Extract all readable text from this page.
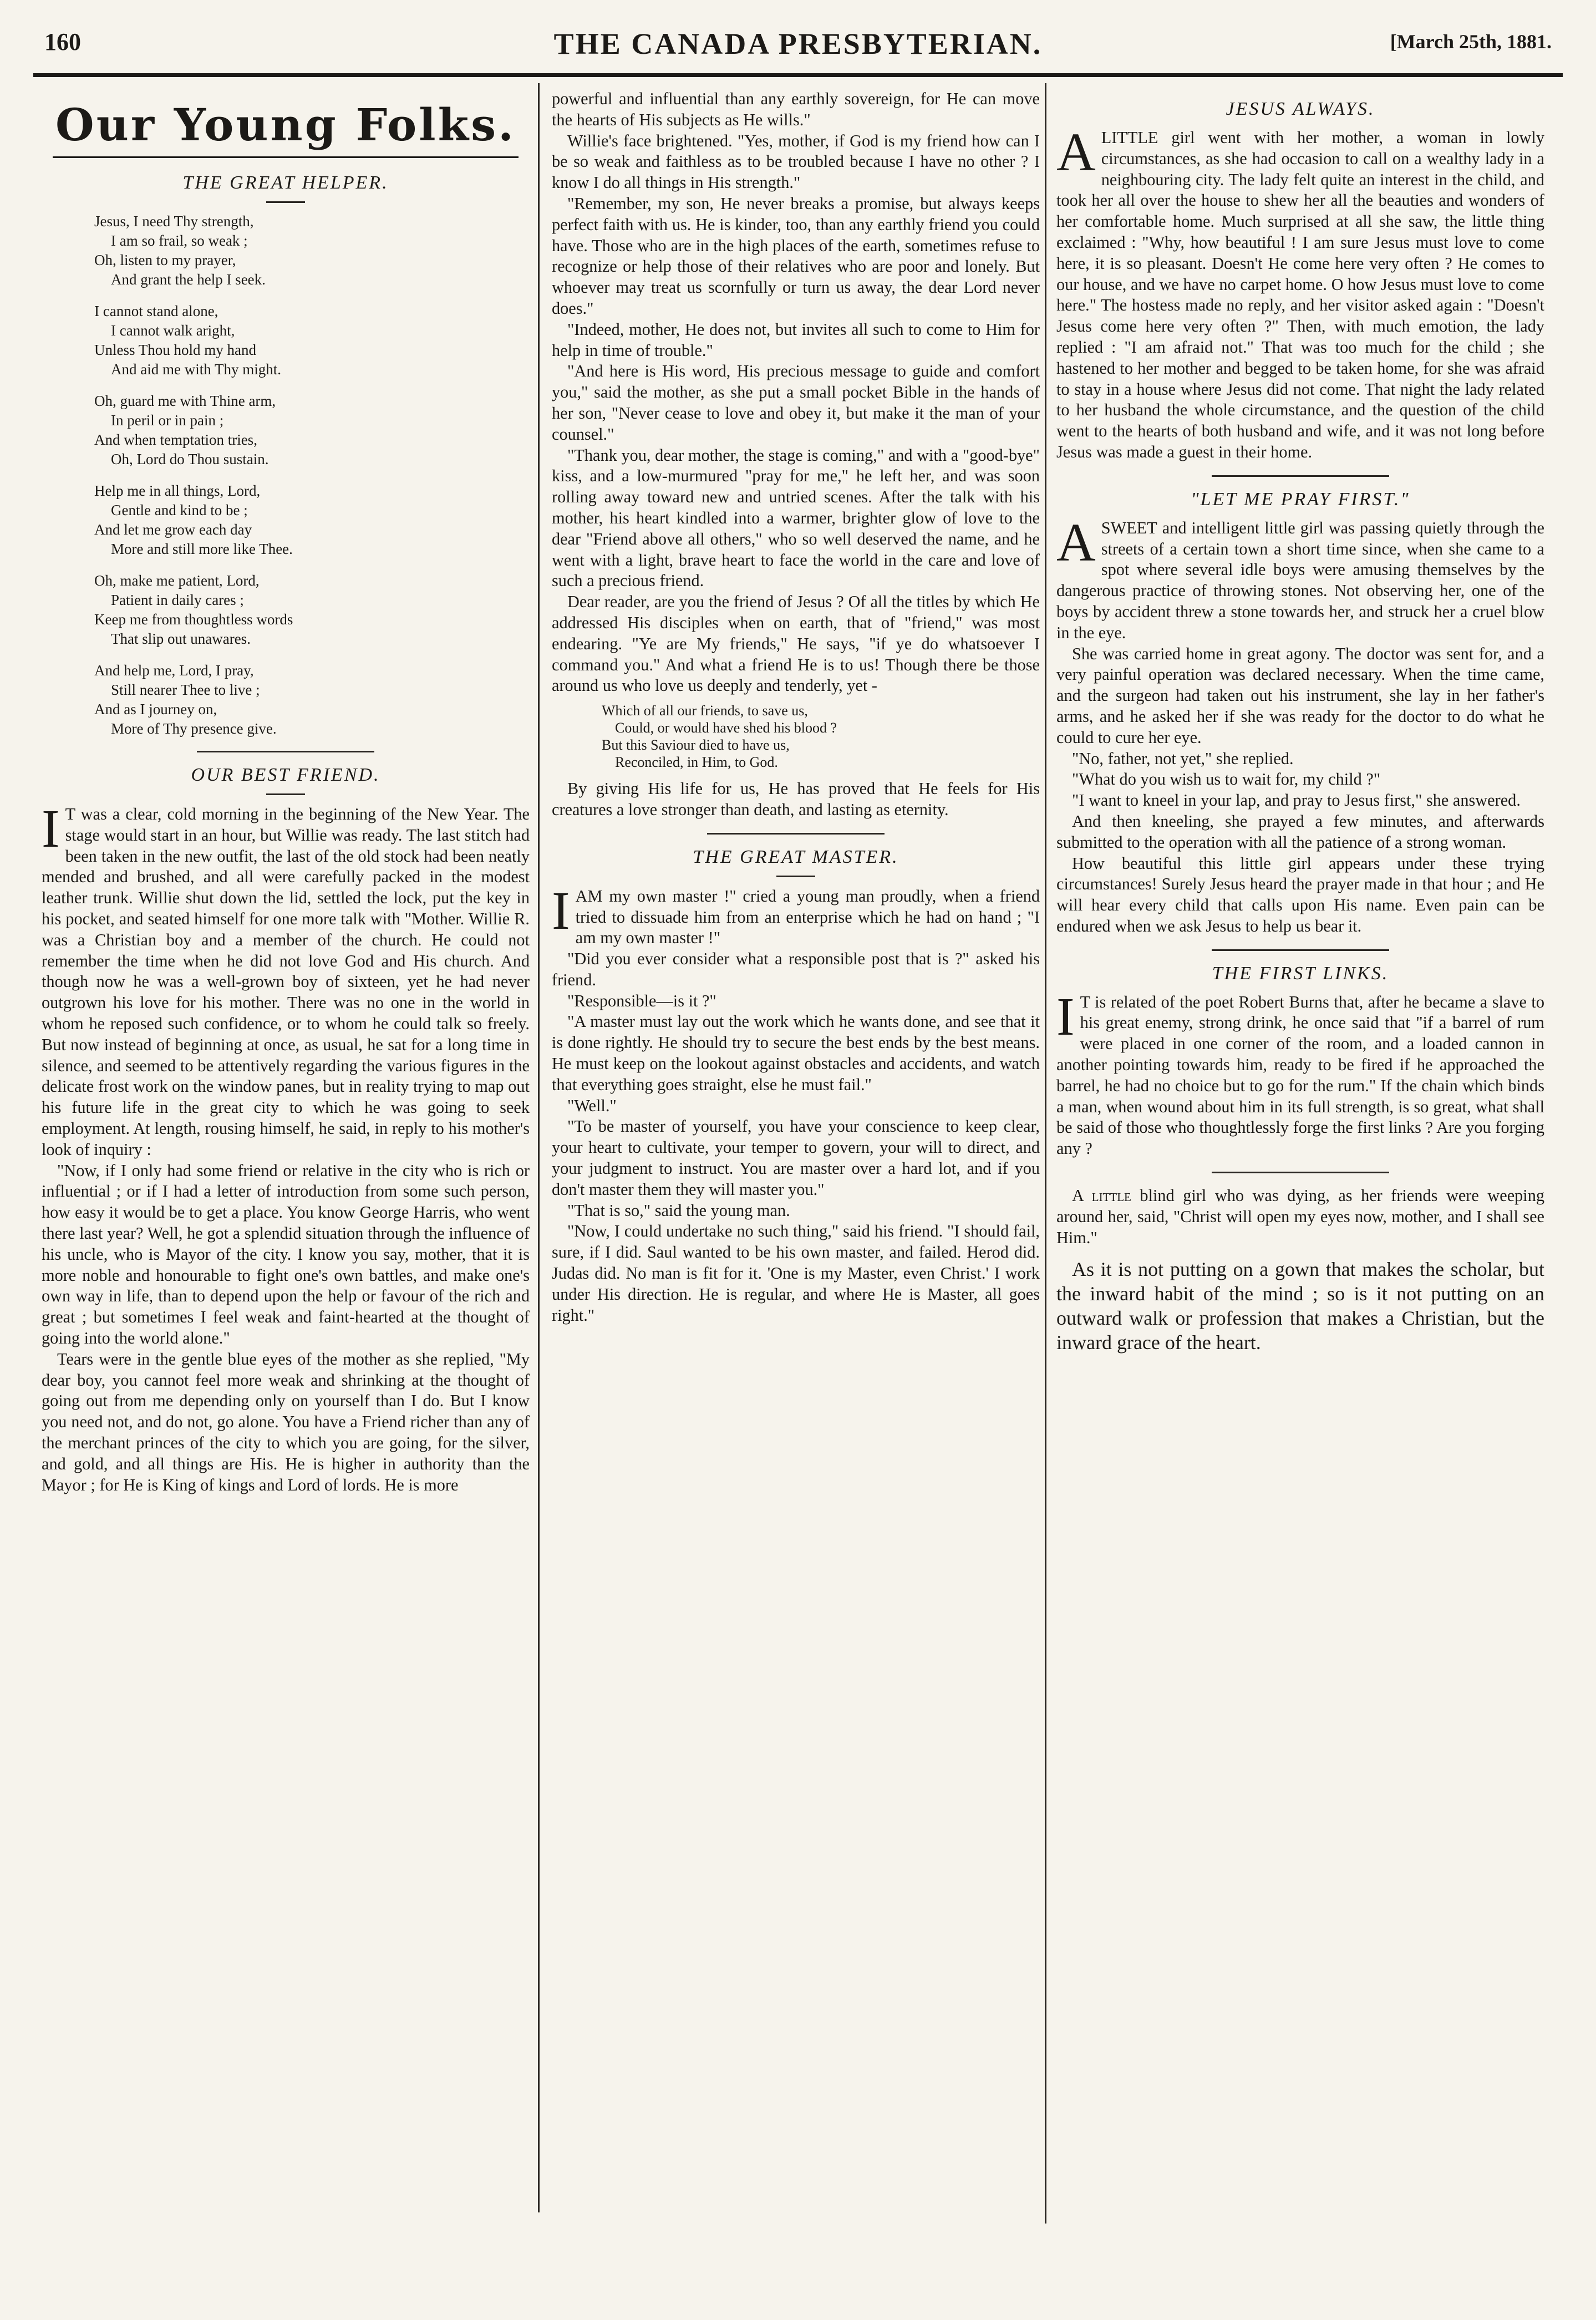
160	THE CANADA PRESBYTERIAN.	[March 25th, 1881.
Our Young Folks.
THE GREAT HELPER.
Jesus, I need Thy strength,
I am so frail, so weak ;
Oh, listen to my prayer,
And grant the help I seek.
I cannot stand alone,
I cannot walk aright,
Unless Thou hold my hand
And aid me with Thy might.
Oh, guard me with Thine arm,
In peril or in pain ;
And when temptation tries,
Oh, Lord do Thou sustain.
Help me in all things, Lord,
Gentle and kind to be ;
And let me grow each day
More and still more like Thee.
Oh, make me patient, Lord,
Patient in daily cares ;
Keep me from thoughtless words
That slip out unawares.
And help me, Lord, I pray,
Still nearer Thee to live ;
And as I journey on,
More of Thy presence give.
OUR BEST FRIEND.

I T was a clear, cold morning in the beginning of the New Year. The stage would start in an hour, but Willie was ready. The last stitch had been taken in the new outfit, the last of the old stock had been neatly mended and brushed, and all were carefully packed in the modest leather trunk. Willie shut down the lid, settled the lock, put the key in his pocket, and seated himself for one more talk with "Mother. Willie R. was a Christian boy and a member of the church. He could not remember the time when he did not love God and His church. And though now he was a well-grown boy of sixteen, yet he had never outgrown his love for his mother. There was no one in the world in whom he reposed such confidence, or to whom he could talk so freely. But now instead of beginning at once, as usual, he sat for a long time in silence, and seemed to be attentively regarding the various figures in the delicate frost work on the window panes, but in reality trying to map out his future life in the great city to which he was going to seek employment. At length, rousing himself, he said, in reply to his mother's look of inquiry :

"Now, if I only had some friend or relative in the city who is rich or influential ; or if I had a letter of introduction from some such person, how easy it would be to get a place. You know George Harris, who went there last year? Well, he got a splendid situation through the influence of his uncle, who is Mayor of the city. I know you say, mother, that it is more noble and honourable to fight one's own battles, and make one's own way in life, than to depend upon the help or favour of the rich and great ; but sometimes I feel weak and faint-hearted at the thought of going into the world alone."

Tears were in the gentle blue eyes of the mother as she replied, "My dear boy, you cannot feel more weak and shrinking at the thought of going out from me depending only on yourself than I do. But I know you need not, and do not, go alone. You have a Friend richer than any of the merchant princes of the city to which you are going, for the silver, and gold, and all things are His. He is higher in authority than the Mayor ; for He is King of kings and Lord of lords. He is more

powerful and influential than any earthly sovereign, for He can move the hearts of His subjects as He wills."

Willie's face brightened. "Yes, mother, if God is my friend how can I be so weak and faithless as to be troubled because I have no other ? I know I do all things in His strength."

"Remember, my son, He never breaks a promise, but always keeps perfect faith with us. He is kinder, too, than any earthly friend you could have. Those who are in the high places of the earth, sometimes refuse to recognize or help those of their relatives who are poor and lonely. But whoever may treat us scornfully or turn us away, the dear Lord never does."

"Indeed, mother, He does not, but invites all such to come to Him for help in time of trouble."

"And here is His word, His precious message to guide and comfort you," said the mother, as she put a small pocket Bible in the hands of her son, "Never cease to love and obey it, but make it the man of your counsel."

"Thank you, dear mother, the stage is coming," and with a "good-bye" kiss, and a low-murmured "pray for me," he left her, and was soon rolling away toward new and untried scenes. After the talk with his mother, his heart kindled into a warmer, brighter glow of love to the dear "Friend above all others," who so well deserved the name, and he went with a light, brave heart to face the world in the care and love of such a precious friend.

Dear reader, are you the friend of Jesus ? Of all the titles by which He addressed His disciples when on earth, that of "friend," was most endearing. "Ye are My friends," He says, "if ye do whatsoever I command you." And what a friend He is to us! Though there be those around us who love us deeply and tenderly, yet -

Which of all our friends, to save us,
Could, or would have shed his blood ?
But this Saviour died to have us,
Reconciled, in Him, to God.

By giving His life for us, He has proved that He feels for His creatures a love stronger than death, and lasting as eternity.

THE GREAT MASTER.

IAM my own master !" cried a young man proudly, when a friend tried to dissuade him from an enterprise which he had on hand ; "I am my own master !"

"Did you ever consider what a responsible post that is ?" asked his friend.

"Responsible—is it ?"

"A master must lay out the work which he wants done, and see that it is done rightly. He should try to secure the best ends by the best means. He must keep on the lookout against obstacles and accidents, and watch that everything goes straight, else he must fail."

"Well."

"To be master of yourself, you have your conscience to keep clear, your heart to cultivate, your temper to govern, your will to direct, and your judgment to instruct. You are master over a hard lot, and if you don't master them they will master you."

"That is so," said the young man.

"Now, I could undertake no such thing," said his friend. "I should fail, sure, if I did. Saul wanted to be his own master, and failed. Herod did. Judas did. No man is fit for it. 'One is my Master, even Christ.' I work under His direction. He is regular, and where He is Master, all goes right."

JESUS ALWAYS.

ALITTLE girl went with her mother, a woman in lowly circumstances, as she had occasion to call on a wealthy lady in a neighbouring city. The lady felt quite an interest in the child, and took her all over the house to shew her all the beauties and wonders of her comfortable home. Much surprised at all she saw, the little thing exclaimed : "Why, how beautiful ! I am sure Jesus must love to come here, it is so pleasant. Doesn't He come here very often ? He comes to our house, and we have no carpet home. O how Jesus must love to come here." The hostess made no reply, and her visitor asked again : "Doesn't Jesus come here very often ?" Then, with much emotion, the lady replied : "I am afraid not." That was too much for the child ; she hastened to her mother and begged to be taken home, for she was afraid to stay in a house where Jesus did not come. That night the lady related to her husband the whole circumstance, and the question of the child went to the hearts of both husband and wife, and it was not long before Jesus was made a guest in their home.

"LET ME PRAY FIRST."

ASWEET and intelligent little girl was passing quietly through the streets of a certain town a short time since, when she came to a spot where several idle boys were amusing themselves by the dangerous practice of throwing stones. Not observing her, one of the boys by accident threw a stone towards her, and struck her a cruel blow in the eye.

She was carried home in great agony. The doctor was sent for, and a very painful operation was declared necessary. When the time came, and the surgeon had taken out his instrument, she lay in her father's arms, and he asked her if she was ready for the doctor to do what he could to cure her eye.

"No, father, not yet," she replied.

"What do you wish us to wait for, my child ?"

"I want to kneel in your lap, and pray to Jesus first," she answered.

And then kneeling, she prayed a few minutes, and afterwards submitted to the operation with all the patience of a strong woman.

How beautiful this little girl appears under these trying circumstances! Surely Jesus heard the prayer made in that hour ; and He will hear every child that calls upon His name. Even pain can be endured when we ask Jesus to help us bear it.

THE FIRST LINKS.

I T is related of the poet Robert Burns that, after he became a slave to his great enemy, strong drink, he once said that "if a barrel of rum were placed in one corner of the room, and a loaded cannon in another pointing towards him, ready to be fired if he approached the barrel, he had no choice but to go for the rum." If the chain which binds a man, when wound about him in its full strength, is so great, what shall be said of those who thoughtlessly forge the first links ? Are you forging any ?

A little blind girl who was dying, as her friends were weeping around her, said, "Christ will open my eyes now, mother, and I shall see Him."

As it is not putting on a gown that makes the scholar, but the inward habit of the mind ; so is it not putting on an outward walk or profession that makes a Christian, but the inward grace of the heart.
